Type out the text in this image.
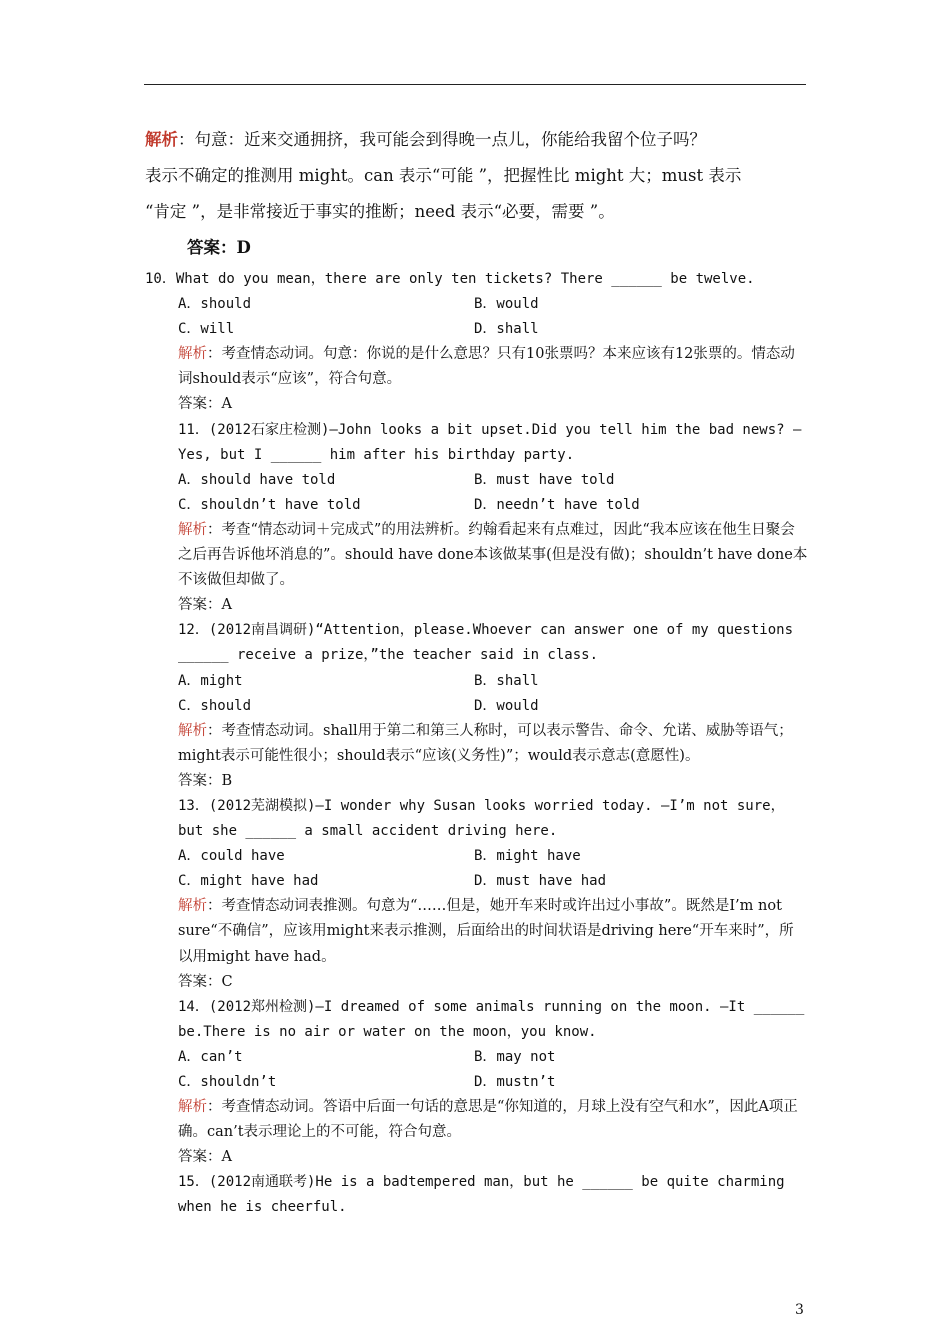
解析：句意：近来交通拥挤，我可能会到得晚一点儿，你能给我留个位子吗？
表示不确定的推测用 might。can 表示“可能 ”，把握性比 might 大；must 表示
“肯定 ”，是非常接近于事实的推断；need 表示“必要，需要 ”。
答案：D

10．What do you mean，there are only ten tickets? There ______ be twelve.

A．should	B．would
C．will	D．shall

解析：考查情态动词。句意：你说的是什么意思？只有10张票吗？本来应该有12张票的。情态动词should表示“应该”，符合句意。

答案：A

11．(2012石家庄检测)—John looks a bit upset.Did you tell him the bad news? —Yes, but I ______ him after his birthday party.

A．should have told	B．must have told
C．shouldn’t have told	D．needn’t have told

解析：考查“情态动词＋完成式”的用法辨析。约翰看起来有点难过，因此“我本应该在他生日聚会之后再告诉他坏消息的”。should have done本该做某事(但是没有做)；shouldn’t have done本不该做但却做了。

答案：A

12．(2012南昌调研)“Attention，please.Whoever can answer one of my questions ______ receive a prize，”the teacher said in class.

A．might	B．shall
C．should	D．would

解析：考查情态动词。shall用于第二和第三人称时，可以表示警告、命令、允诺、威胁等语气；might表示可能性很小；should表示“应该(义务性)”；would表示意志(意愿性)。

答案：B

13．(2012芜湖模拟)—I wonder why Susan looks worried today. —I’m not sure，but she ______ a small accident driving here.

A．could have	B．might have
C．might have had	D．must have had

解析：考查情态动词表推测。句意为“……但是，她开车来时或许出过小事故”。既然是I’m not sure“不确信”，应该用might来表示推测，后面给出的时间状语是driving here“开车来时”，所以用might have had。

答案：C

14．(2012郑州检测)—I dreamed of some animals running on the moon. —It ______ be.There is no air or water on the moon，you know.

A．can’t	B．may not
C．shouldn’t	D．mustn’t

解析：考查情态动词。答语中后面一句话的意思是“你知道的，月球上没有空气和水”，因此A项正确。can’t表示理论上的不可能，符合句意。

答案：A

15．(2012南通联考)He is a badtempered man，but he ______ be quite charming when he is cheerful.

3
